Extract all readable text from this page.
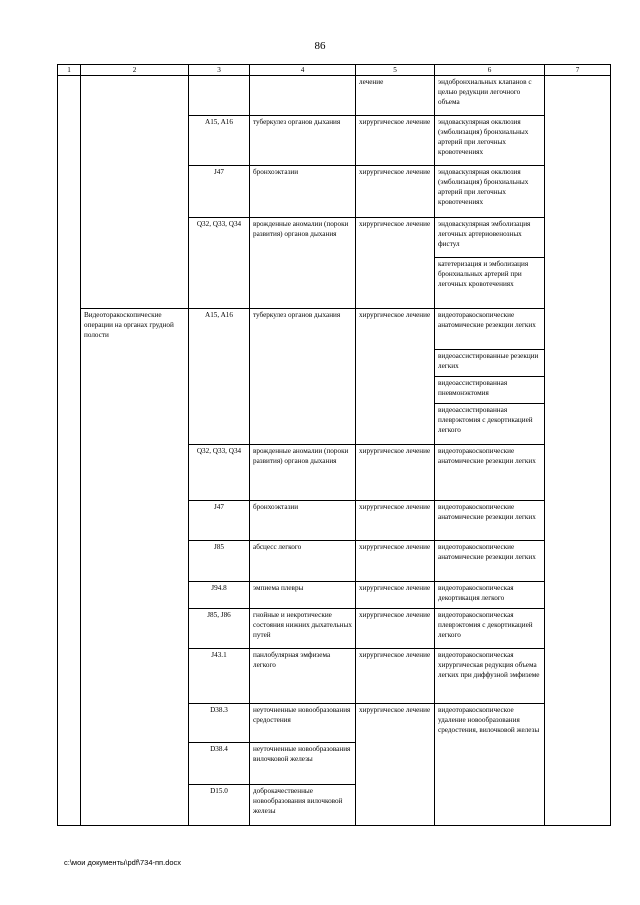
86
1	2	3	4	5	6	7
				лечение	эндобронхиальных клапанов с целью редукции легочного объема	
		A15, A16	туберкулез органов дыхания	хирургическое лечение	эндоваскулярная окклюзия (эмболизация) бронхиальных артерий при легочных кровотечениях	
		J47	бронхоэктазии	хирургическое лечение	эндоваскулярная окклюзия (эмболизация) бронхиальных артерий при легочных кровотечениях	
		Q32, Q33, Q34	врожденные аномалии (пороки развития) органов дыхания	хирургическое лечение	эндоваскулярная эмболизация легочных артериовенозных фистул	
					катетеризация и эмболизация бронхиальных артерий при легочных кровотечениях	
	Видеоторакоскопические операции на органах грудной полости	A15, A16	туберкулез органов дыхания	хирургическое лечение	видеоторакоскопические анатомические резекции легких	
					видеоассистированные резекции легких	
					видеоассистированная пневмонэктомия	
					видеоассистированная плеврэктомия с декортикацией легкого	
		Q32, Q33, Q34	врожденные аномалии (пороки развития) органов дыхания	хирургическое лечение	видеоторакоскопические анатомические резекции легких	
		J47	бронхоэктазии	хирургическое лечение	видеоторакоскопические анатомические резекции легких	
		J85	абсцесс легкого	хирургическое лечение	видеоторакоскопические анатомические резекции легких	
		J94.8	эмпиема плевры	хирургическое лечение	видеоторакоскопическая декортикация легкого	
		J85, J86	гнойные и некротические состояния нижних дыхательных путей	хирургическое лечение	видеоторакоскопическая плеврэктомия с декортикацией легкого	
		J43.1	панлобулярная эмфизема легкого	хирургическое лечение	видеоторакоскопическая хирургическая редукция объема легких при диффузной эмфиземе	
		D38.3	неуточненные новообразования средостения	хирургическое лечение	видеоторакоскопическое удаление новообразования средостения, вилочковой железы	
		D38.4	неуточненные новообразования вилочковой железы			
		D15.0	доброкачественные новообразования вилочковой железы			
c:\мои документы\pdf\734-пп.docx
